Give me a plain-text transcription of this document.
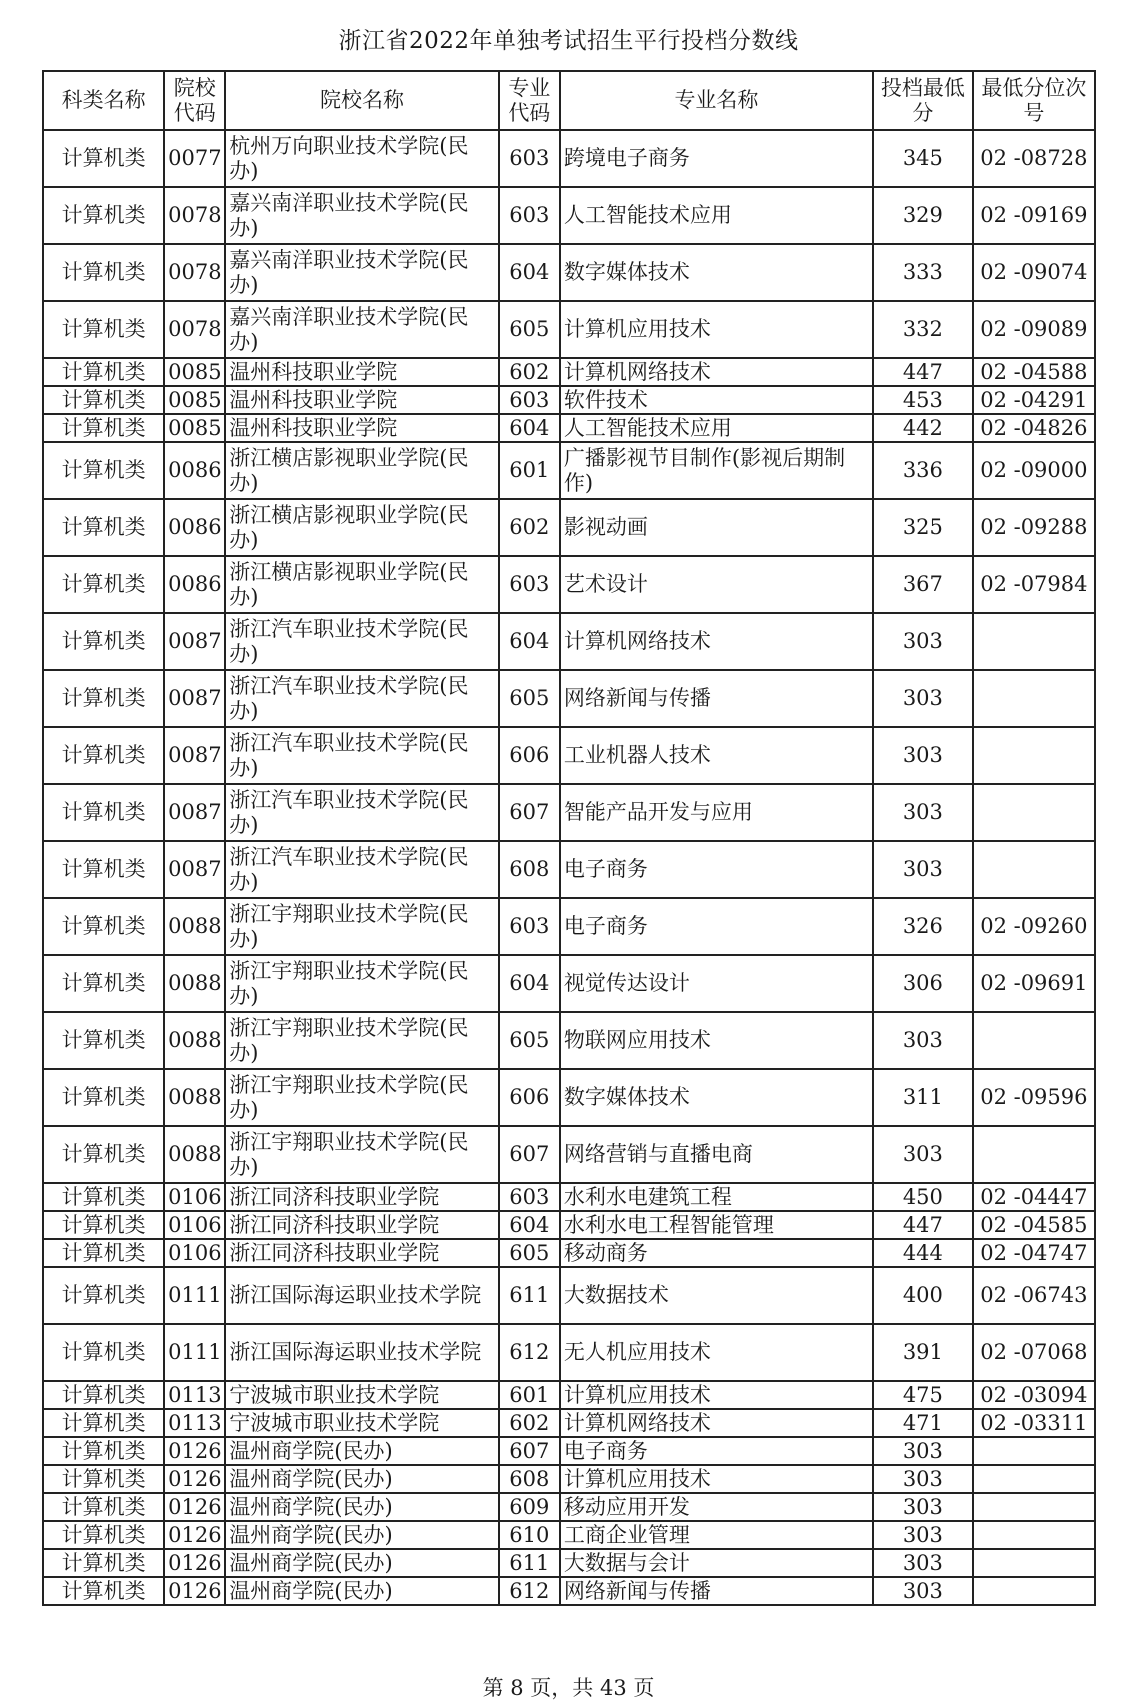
浙江省2022年单独考试招生平行投档分数线
科类名称	院校代码	院校名称	专业代码	专业名称	投档最低分	最低分位次号
计算机类	0077	杭州万向职业技术学院(民办)	603	跨境电子商务	345	02 -08728
计算机类	0078	嘉兴南洋职业技术学院(民办)	603	人工智能技术应用	329	02 -09169
计算机类	0078	嘉兴南洋职业技术学院(民办)	604	数字媒体技术	333	02 -09074
计算机类	0078	嘉兴南洋职业技术学院(民办)	605	计算机应用技术	332	02 -09089
计算机类	0085	温州科技职业学院	602	计算机网络技术	447	02 -04588
计算机类	0085	温州科技职业学院	603	软件技术	453	02 -04291
计算机类	0085	温州科技职业学院	604	人工智能技术应用	442	02 -04826
计算机类	0086	浙江横店影视职业学院(民办)	601	广播影视节目制作(影视后期制作)	336	02 -09000
计算机类	0086	浙江横店影视职业学院(民办)	602	影视动画	325	02 -09288
计算机类	0086	浙江横店影视职业学院(民办)	603	艺术设计	367	02 -07984
计算机类	0087	浙江汽车职业技术学院(民办)	604	计算机网络技术	303	
计算机类	0087	浙江汽车职业技术学院(民办)	605	网络新闻与传播	303	
计算机类	0087	浙江汽车职业技术学院(民办)	606	工业机器人技术	303	
计算机类	0087	浙江汽车职业技术学院(民办)	607	智能产品开发与应用	303	
计算机类	0087	浙江汽车职业技术学院(民办)	608	电子商务	303	
计算机类	0088	浙江宇翔职业技术学院(民办)	603	电子商务	326	02 -09260
计算机类	0088	浙江宇翔职业技术学院(民办)	604	视觉传达设计	306	02 -09691
计算机类	0088	浙江宇翔职业技术学院(民办)	605	物联网应用技术	303	
计算机类	0088	浙江宇翔职业技术学院(民办)	606	数字媒体技术	311	02 -09596
计算机类	0088	浙江宇翔职业技术学院(民办)	607	网络营销与直播电商	303	
计算机类	0106	浙江同济科技职业学院	603	水利水电建筑工程	450	02 -04447
计算机类	0106	浙江同济科技职业学院	604	水利水电工程智能管理	447	02 -04585
计算机类	0106	浙江同济科技职业学院	605	移动商务	444	02 -04747
计算机类	0111	浙江国际海运职业技术学院	611	大数据技术	400	02 -06743
计算机类	0111	浙江国际海运职业技术学院	612	无人机应用技术	391	02 -07068
计算机类	0113	宁波城市职业技术学院	601	计算机应用技术	475	02 -03094
计算机类	0113	宁波城市职业技术学院	602	计算机网络技术	471	02 -03311
计算机类	0126	温州商学院(民办)	607	电子商务	303	
计算机类	0126	温州商学院(民办)	608	计算机应用技术	303	
计算机类	0126	温州商学院(民办)	609	移动应用开发	303	
计算机类	0126	温州商学院(民办)	610	工商企业管理	303	
计算机类	0126	温州商学院(民办)	611	大数据与会计	303	
计算机类	0126	温州商学院(民办)	612	网络新闻与传播	303	
第 8 页，共 43 页
